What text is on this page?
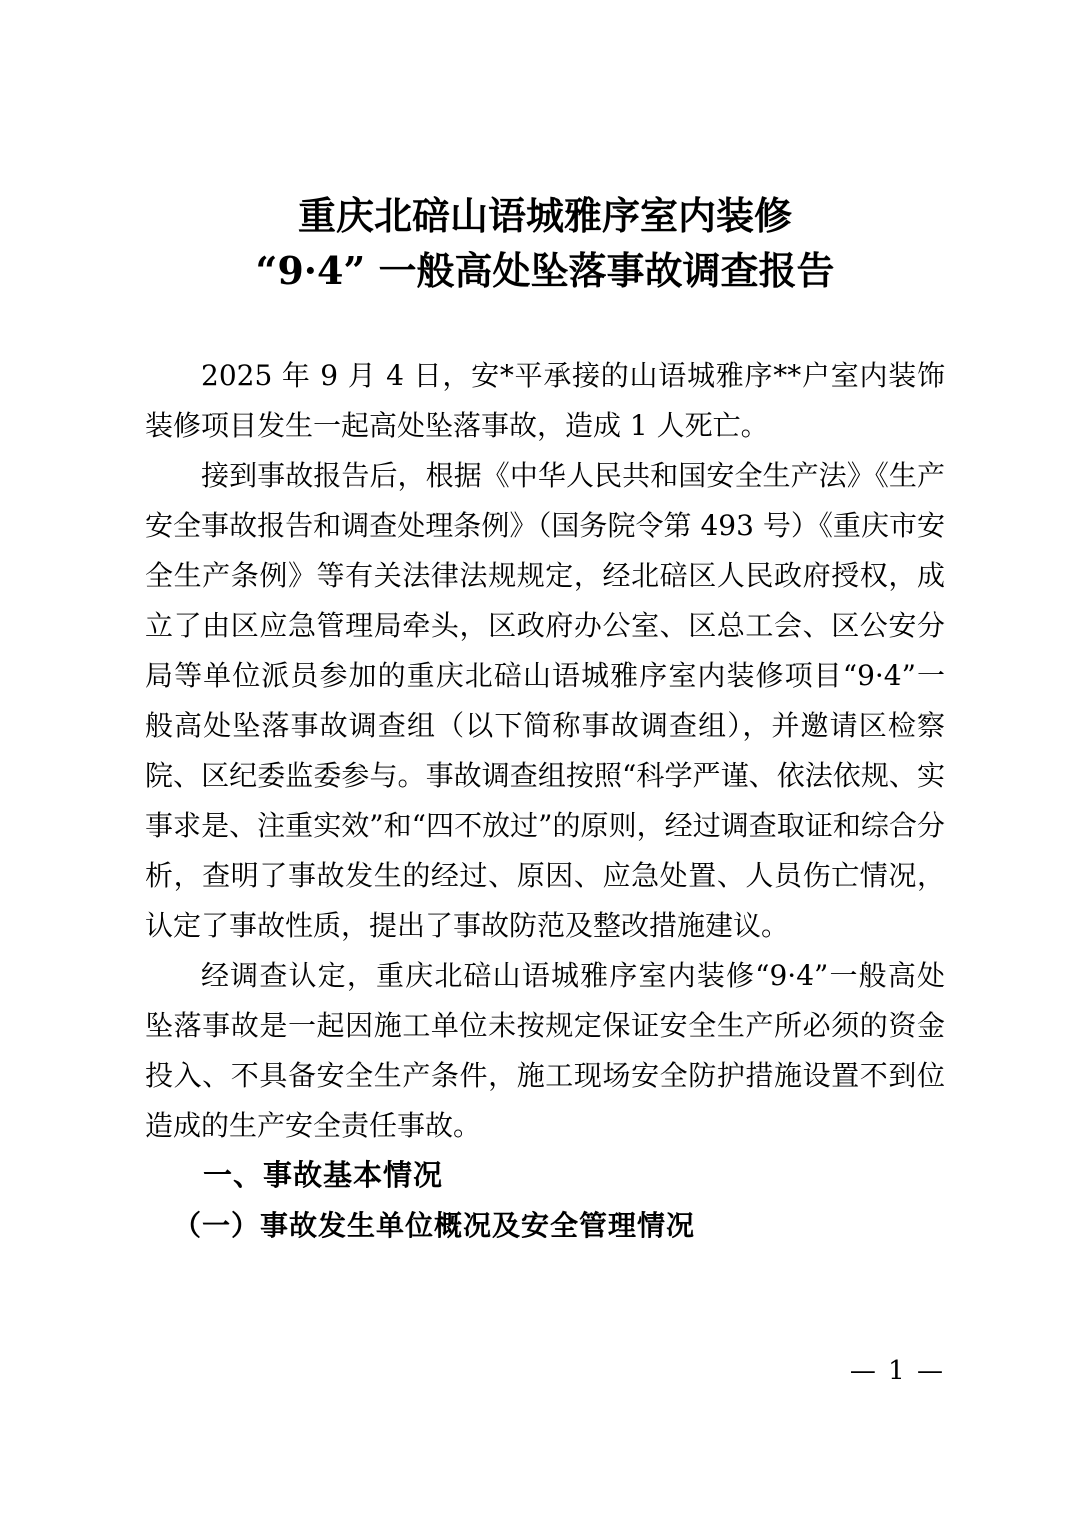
重庆北碚山语城雅序室内装修
“9·4” 一般高处坠落事故调查报告

2025 年 9 月 4 日，安*平承接的山语城雅序**户室内装饰装修项目发生一起高处坠落事故，造成 1 人死亡。

接到事故报告后，根据《中华人民共和国安全生产法》《生产安全事故报告和调查处理条例》（国务院令第 493 号）《重庆市安全生产条例》等有关法律法规规定，经北碚区人民政府授权，成立了由区应急管理局牵头，区政府办公室、区总工会、区公安分局等单位派员参加的重庆北碚山语城雅序室内装修项目“9·4”一般高处坠落事故调查组（以下简称事故调查组），并邀请区检察院、区纪委监委参与。事故调查组按照“科学严谨、依法依规、实事求是、注重实效”和“四不放过”的原则，经过调查取证和综合分析，查明了事故发生的经过、原因、应急处置、人员伤亡情况，认定了事故性质，提出了事故防范及整改措施建议。

经调查认定，重庆北碚山语城雅序室内装修“9·4”一般高处坠落事故是一起因施工单位未按规定保证安全生产所必须的资金投入、不具备安全生产条件，施工现场安全防护措施设置不到位造成的生产安全责任事故。

一、事故基本情况
（一）事故发生单位概况及安全管理情况
— 1 —
